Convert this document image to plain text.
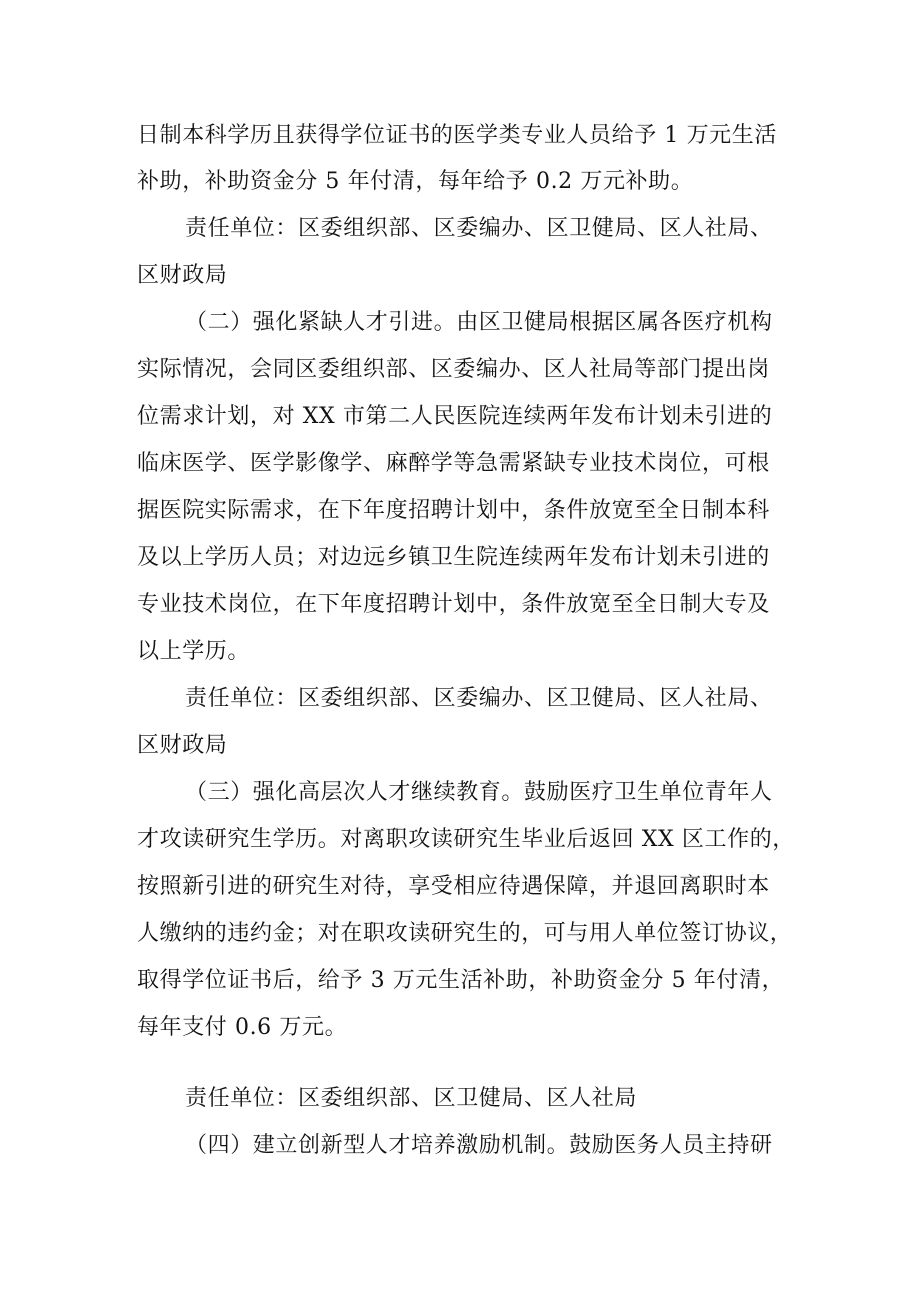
日制本科学历且获得学位证书的医学类专业人员给予 1 万元生活
补助，补助资金分 5 年付清，每年给予 0.2 万元补助。
责任单位：区委组织部、区委编办、区卫健局、区人社局、
区财政局
（二）强化紧缺人才引进。由区卫健局根据区属各医疗机构
实际情况，会同区委组织部、区委编办、区人社局等部门提出岗
位需求计划，对 XX 市第二人民医院连续两年发布计划未引进的
临床医学、医学影像学、麻醉学等急需紧缺专业技术岗位，可根
据医院实际需求，在下年度招聘计划中，条件放宽至全日制本科
及以上学历人员；对边远乡镇卫生院连续两年发布计划未引进的
专业技术岗位，在下年度招聘计划中，条件放宽至全日制大专及
以上学历。
责任单位：区委组织部、区委编办、区卫健局、区人社局、
区财政局
（三）强化高层次人才继续教育。鼓励医疗卫生单位青年人
才攻读研究生学历。对离职攻读研究生毕业后返回 XX 区工作的，
按照新引进的研究生对待，享受相应待遇保障，并退回离职时本
人缴纳的违约金；对在职攻读研究生的，可与用人单位签订协议，
取得学位证书后，给予 3 万元生活补助，补助资金分 5 年付清，
每年支付 0.6 万元。
责任单位：区委组织部、区卫健局、区人社局
（四）建立创新型人才培养激励机制。鼓励医务人员主持研
